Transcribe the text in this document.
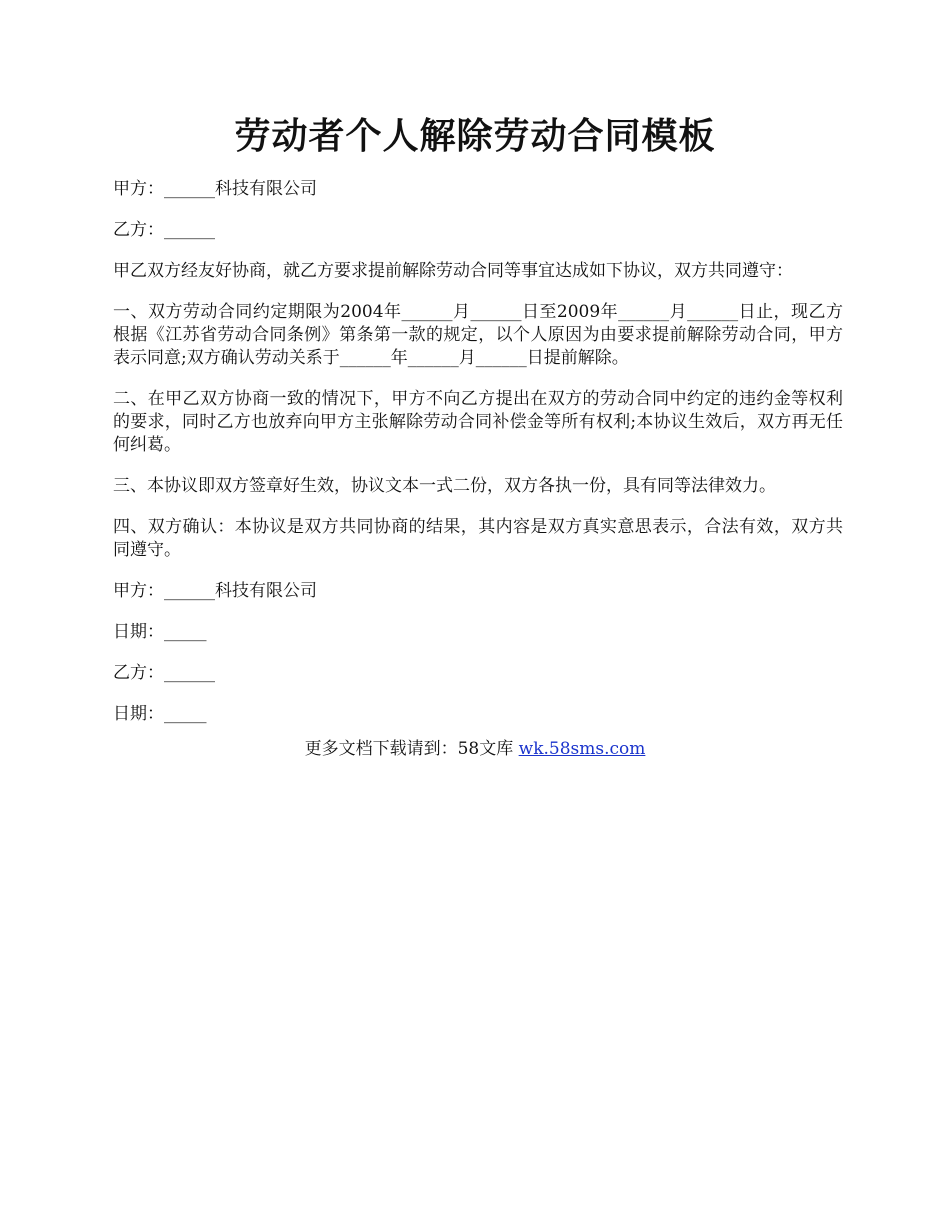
劳动者个人解除劳动合同模板

甲方：______科技有限公司

乙方：______

甲乙双方经友好协商，就乙方要求提前解除劳动合同等事宜达成如下协议，双方共同遵守：

一、双方劳动合同约定期限为2004年______月______日至2009年______月______日止，现乙方根据《江苏省劳动合同条例》第条第一款的规定，以个人原因为由要求提前解除劳动合同，甲方表示同意;双方确认劳动关系于______年______月______日提前解除。

二、在甲乙双方协商一致的情况下，甲方不向乙方提出在双方的劳动合同中约定的违约金等权利的要求，同时乙方也放弃向甲方主张解除劳动合同补偿金等所有权利;本协议生效后，双方再无任何纠葛。

三、本协议即双方签章好生效，协议文本一式二份，双方各执一份，具有同等法律效力。

四、双方确认：本协议是双方共同协商的结果，其内容是双方真实意思表示，合法有效，双方共同遵守。

甲方：______科技有限公司

日期：_____

乙方：______

日期：_____

更多文档下载请到：58文库 wk.58sms.com
